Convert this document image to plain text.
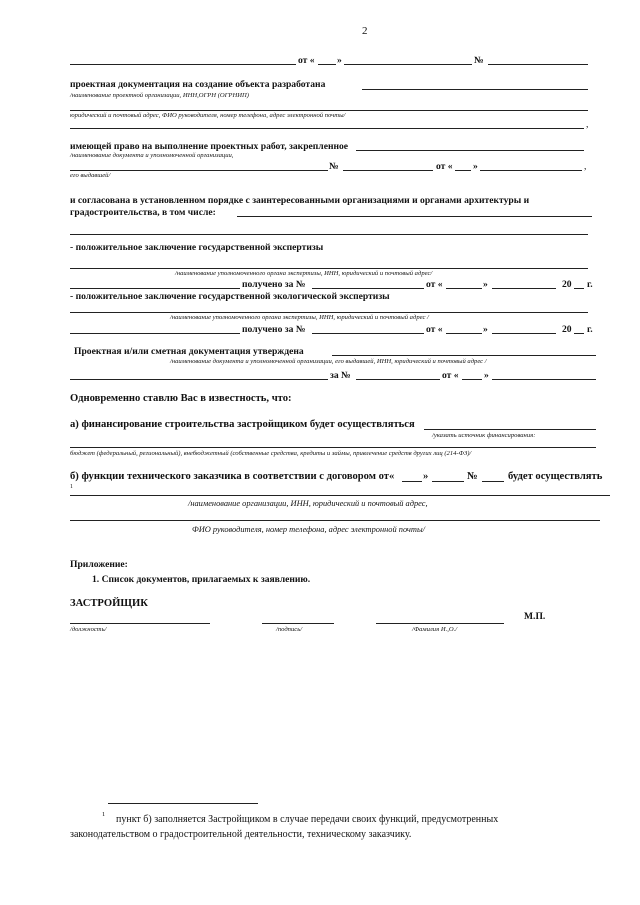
2
от « »	№
проектная документация на создание объекта разработана
/наименование проектной организации, ИНН,ОГРН (ОГРНИП)
юридический и почтовый адрес, ФИО руководителя, номер телефона, адрес электронной почты/
,
имеющей право на выполнение проектных работ, закрепленное
/наименование документа и уполномоченной организации,
№	от « »	,
его выдавшей/
и согласована в установленном порядке с заинтересованными организациями и органами архитектуры и
градостроительства, в том числе:
- положительное заключение государственной экспертизы
/наименование уполномоченного органа экспертизы, ИНН, юридический и почтовый адрес/
получено за №	от «	»	20 г.
- положительное заключение государственной экологической экспертизы
/наименование уполномоченного органа экспертизы, ИНН, юридический и почтовый адрес /
получено за №	от «	»	20 г.
Проектная и/или сметная документация утверждена
/наименование документа и уполномоченной организации, его выдавшей, ИНН, юридический и почтовый адрес /
за №	от «	»
Одновременно ставлю Вас в известность, что:
а) финансирование строительства застройщиком будет осуществляться
/указать источник финансирования:
бюджет (федеральный, региональный), внебюджетный (собственные средства, кредиты и займы, привлечение средств других лиц (214-ФЗ)/
б) функции технического заказчика в соответствии с договором от«	»	№	будет осуществлять
1
/наименование организации, ИНН, юридический и почтовый адрес,
ФИО руководителя, номер телефона, адрес электронной почты/
Приложение:
1. Список документов, прилагаемых к заявлению.
ЗАСТРОЙЩИК
М.П.
/должность/	/подпись/	/Фамилия И.,О./
1 пункт б) заполняется Застройщиком в случае передачи своих функций, предусмотренных
законодательством о градостроительной деятельности, техническому заказчику.
